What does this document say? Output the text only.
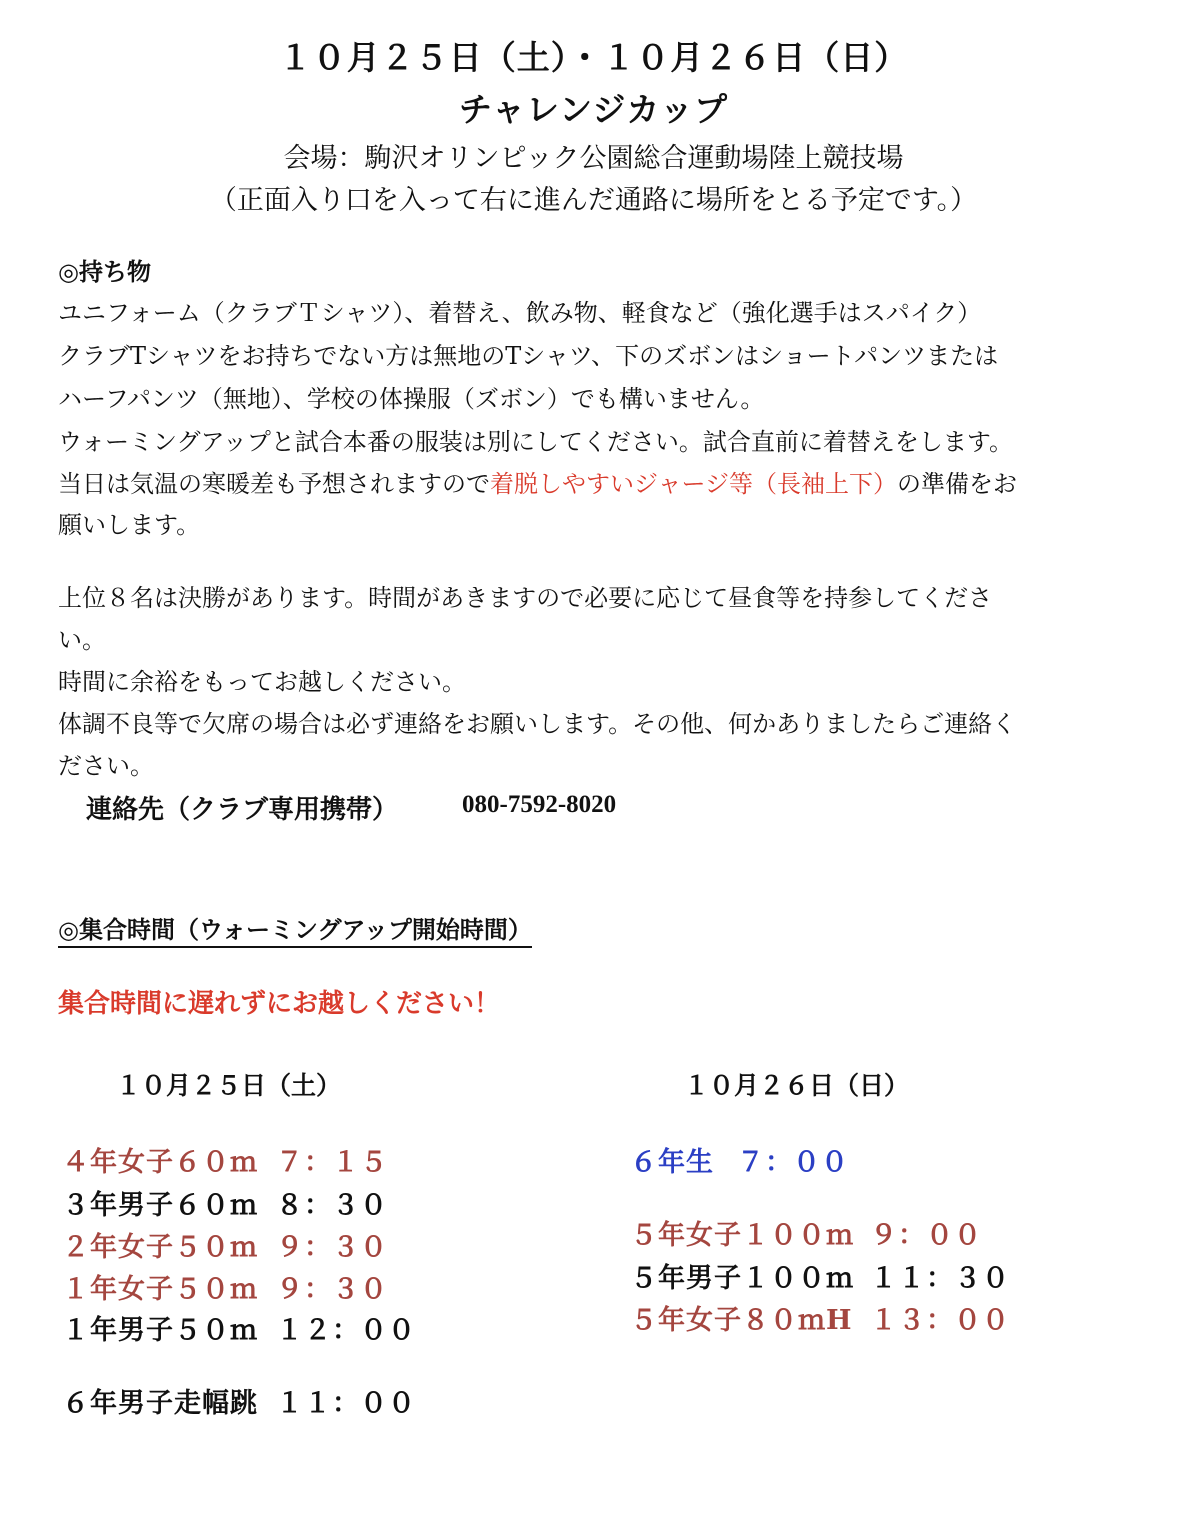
１０月２５日（土）・１０月２６日（日）
チャレンジカップ
会場：駒沢オリンピック公園総合運動場陸上競技場
（正面入り口を入って右に進んだ通路に場所をとる予定です。）
◎持ち物
ユニフォーム（クラブＴシャツ）、着替え、飲み物、軽食など（強化選手はスパイク）
クラブTシャツをお持ちでない方は無地のTシャツ、下のズボンはショートパンツまたは
ハーフパンツ（無地）、学校の体操服（ズボン）でも構いません。
ウォーミングアップと試合本番の服装は別にしてください。試合直前に着替えをします。
当日は気温の寒暖差も予想されますので着脱しやすいジャージ等（長袖上下）の準備をお
願いします。
上位８名は決勝があります。時間があきますので必要に応じて昼食等を持参してくださ
い。
時間に余裕をもってお越しください。
体調不良等で欠席の場合は必ず連絡をお願いします。その他、何かありましたらご連絡く
ださい。
連絡先（クラブ専用携帯）	080-7592-8020
◎集合時間（ウォーミングアップ開始時間）
集合時間に遅れずにお越しください！
１０月２５日（土）	１０月２６日（日）
４年女子６０ｍ ７：１５
３年男子６０ｍ ８：３０
２年女子５０ｍ ９：３０
１年女子５０ｍ ９：３０
１年男子５０ｍ １２：００
６年男子走幅跳 １１：００
６年生 ７：００
５年女子１００ｍ ９：００
５年男子１００ｍ １１：３０
５年女子８０ｍH １３：００
